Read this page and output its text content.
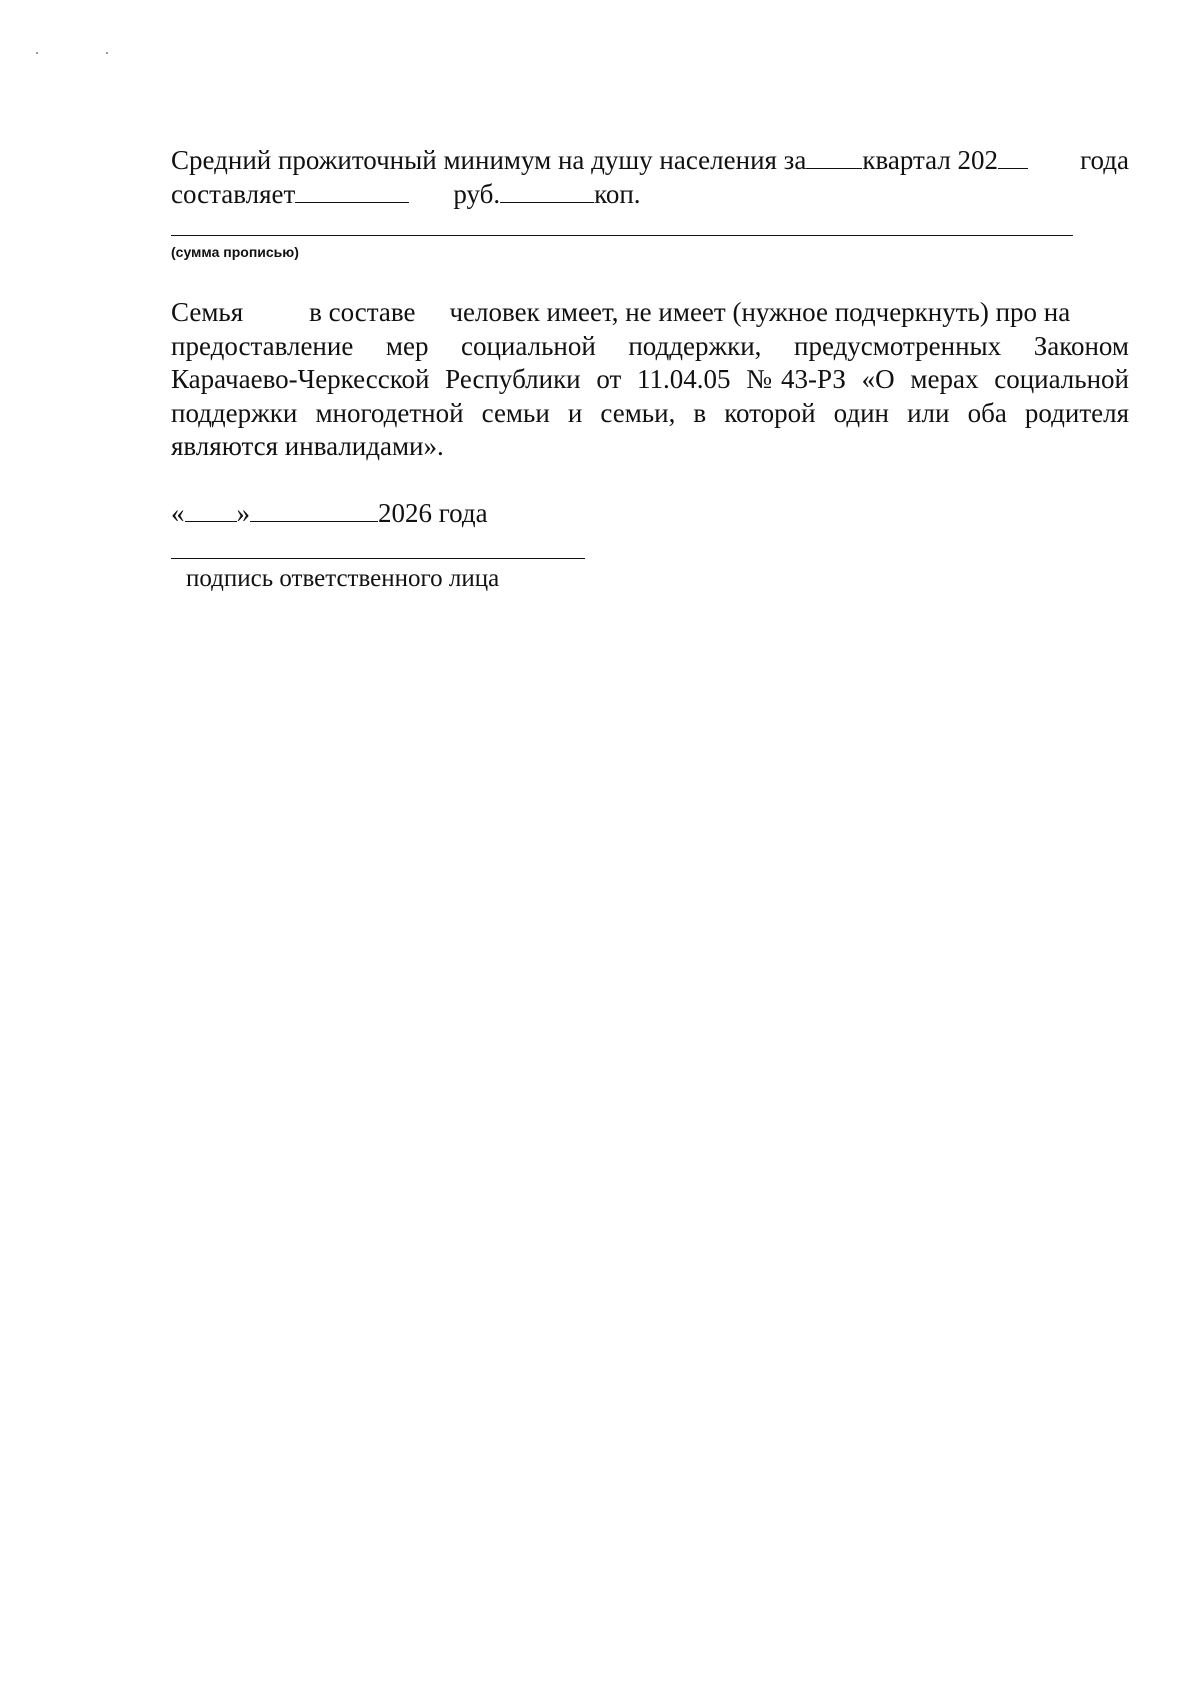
Средний прожиточный минимум на душу населения за квартал 202	года
составляет	руб.	коп.
(сумма прописью)
Семья в составе человек имеет, не имеет (нужное подчеркнуть) про на
предоставление мер социальной поддержки, предусмотренных Законом
Карачаево-Черкесской Республики от 11.04.05 №43-РЗ «О мерах социальной
поддержки многодетной семьи и семьи, в которой один или оба родителя
являются инвалидами».
« »	2026 года
подпись ответственного лица
